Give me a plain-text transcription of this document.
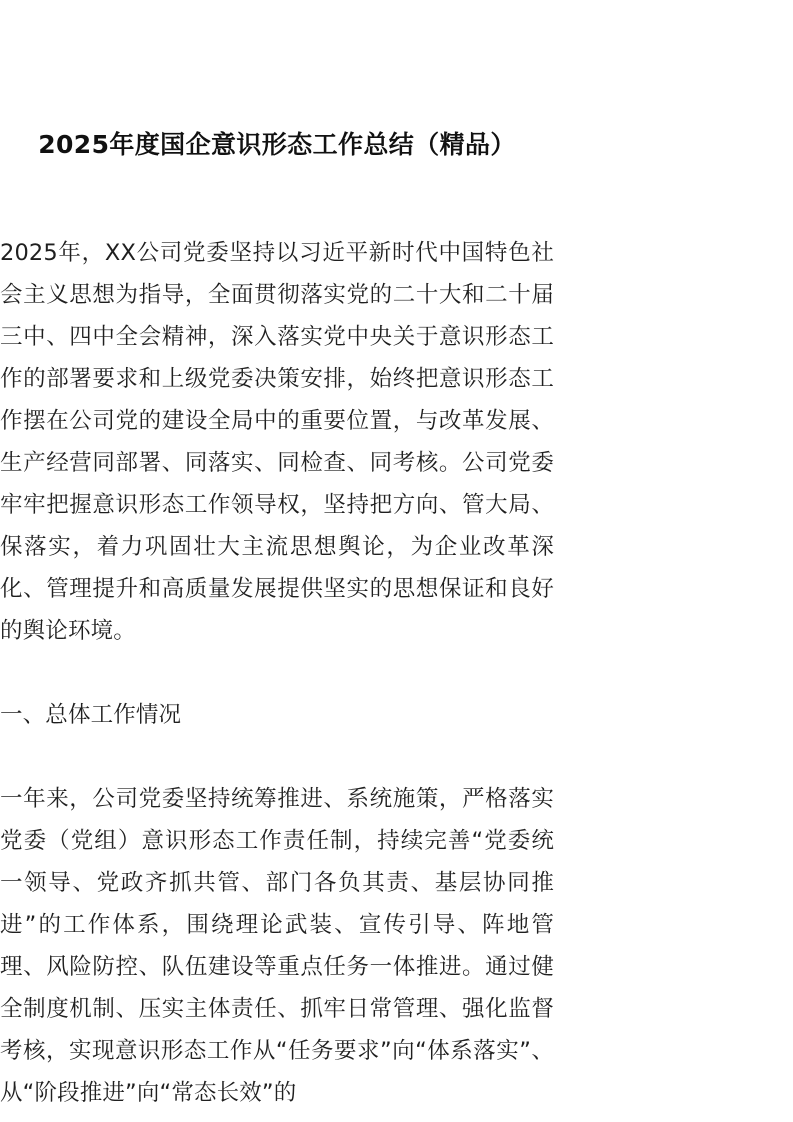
2025年度国企意识形态工作总结（精品）

2025年，XX公司党委坚持以习近平新时代中国特色社会主义思想为指导，全面贯彻落实党的二十大和二十届三中、四中全会精神，深入落实党中央关于意识形态工作的部署要求和上级党委决策安排，始终把意识形态工作摆在公司党的建设全局中的重要位置，与改革发展、生产经营同部署、同落实、同检查、同考核。公司党委牢牢把握意识形态工作领导权，坚持把方向、管大局、保落实，着力巩固壮大主流思想舆论，为企业改革深化、管理提升和高质量发展提供坚实的思想保证和良好的舆论环境。

一、总体工作情况

一年来，公司党委坚持统筹推进、系统施策，严格落实党委（党组）意识形态工作责任制，持续完善“党委统一领导、党政齐抓共管、部门各负其责、基层协同推进”的工作体系，围绕理论武装、宣传引导、阵地管理、风险防控、队伍建设等重点任务一体推进。通过健全制度机制、压实主体责任、抓牢日常管理、强化监督考核，实现意识形态工作从“任务要求”向“体系落实”、从“阶段推进”向“常态长效”的
